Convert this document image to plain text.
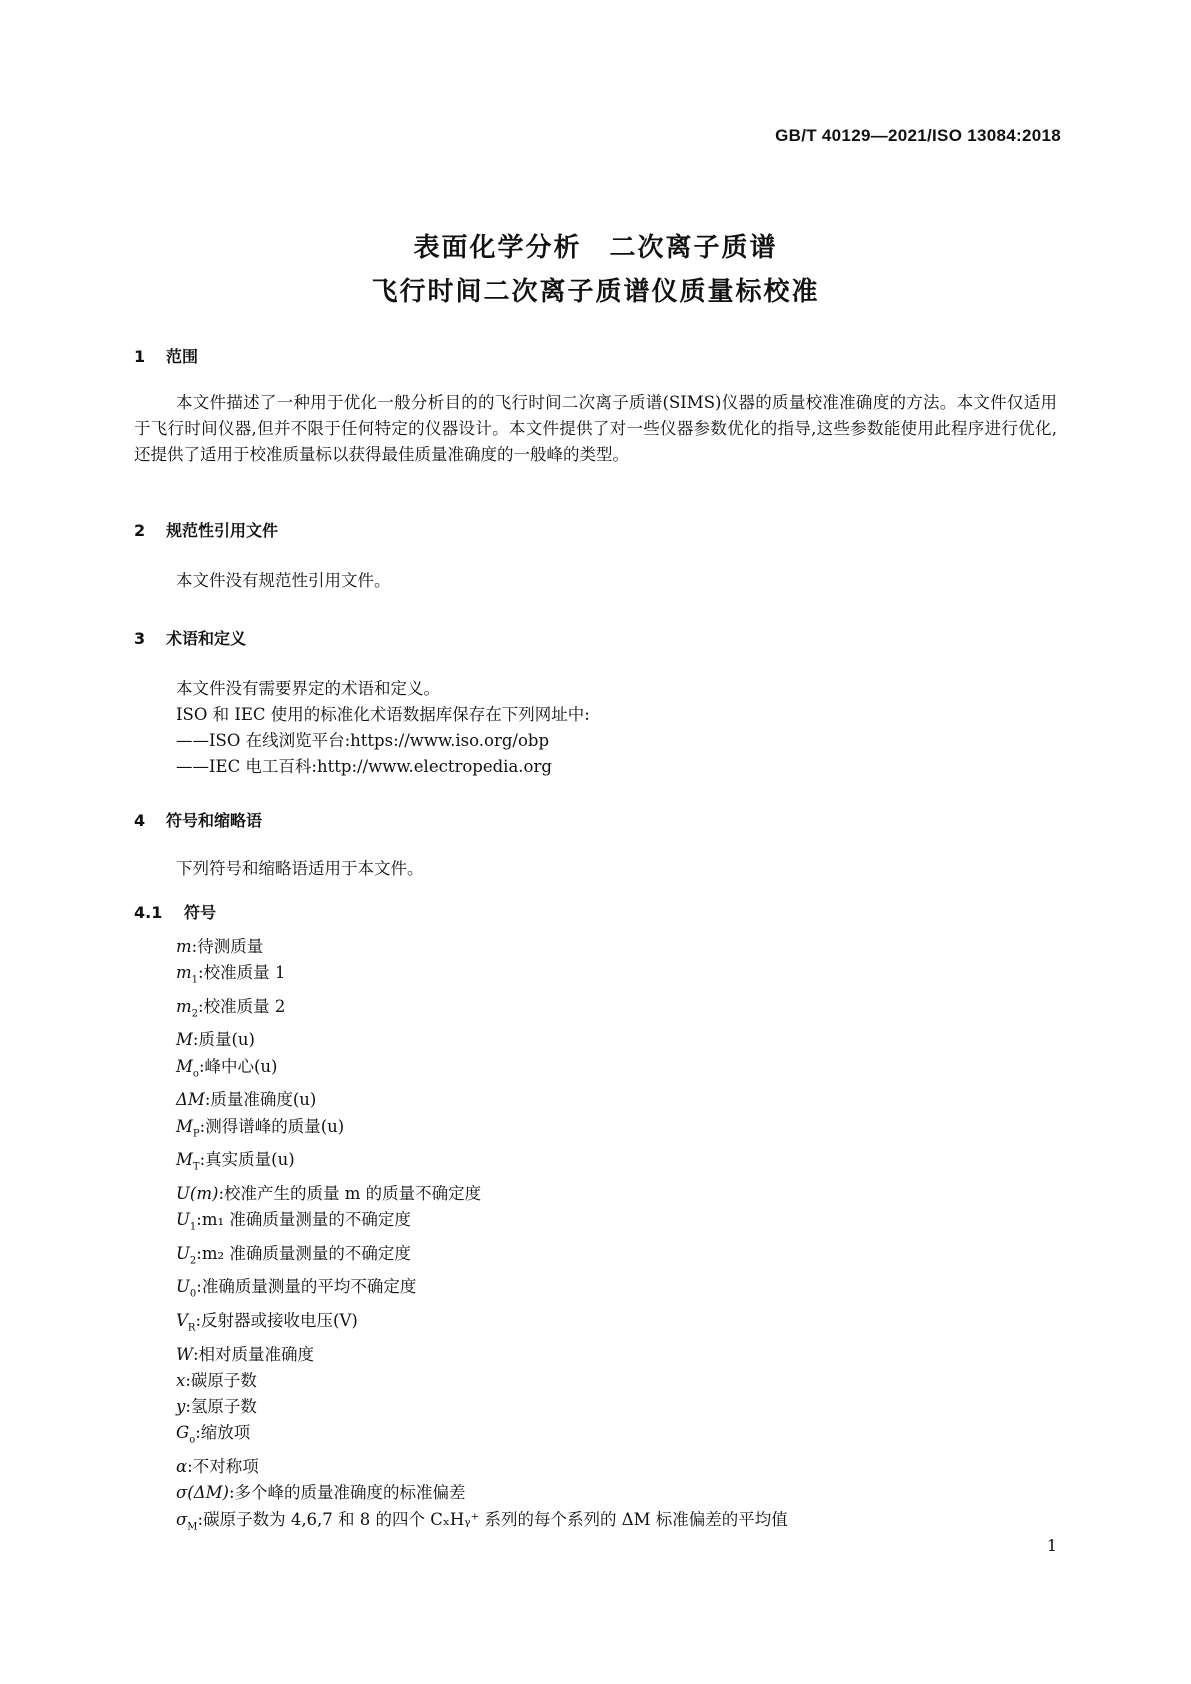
GB/T 40129—2021/ISO 13084:2018
表面化学分析　二次离子质谱
飞行时间二次离子质谱仪质量标校准
1 范围
本文件描述了一种用于优化一般分析目的的飞行时间二次离子质谱(SIMS)仪器的质量校准准确度的方法。本文件仅适用于飞行时间仪器,但并不限于任何特定的仪器设计。本文件提供了对一些仪器参数优化的指导,这些参数能使用此程序进行优化,还提供了适用于校准质量标以获得最佳质量准确度的一般峰的类型。
2 规范性引用文件
本文件没有规范性引用文件。
3 术语和定义
本文件没有需要界定的术语和定义。
ISO 和 IEC 使用的标准化术语数据库保存在下列网址中:
——ISO 在线浏览平台:https://www.iso.org/obp
——IEC 电工百科:http://www.electropedia.org
4 符号和缩略语
下列符号和缩略语适用于本文件。
4.1 符号
m:待测质量
$m_1$:校准质量 1
$m_2$:校准质量 2
M:质量(u)
$M_o$:峰中心(u)
ΔM:质量准确度(u)
$M_P$:测得谱峰的质量(u)
$M_T$:真实质量(u)
U(m):校准产生的质量 m 的质量不确定度
$U_1:m_1$ 准确质量测量的不确定度
$U_2:m_2$ 准确质量测量的不确定度
$U_0$:准确质量测量的平均不确定度
$V_R$:反射器或接收电压(V)
W:相对质量准确度
x:碳原子数
y:氢原子数
$G_o$:缩放项
α:不对称项
σ(ΔM):多个峰的质量准确度的标准偏差
$\sigma_M$:碳原子数为 4,6,7 和 8 的四个 CₓHᵧ⁺ 系列的每个系列的 ΔM 标准偏差的平均值
1
